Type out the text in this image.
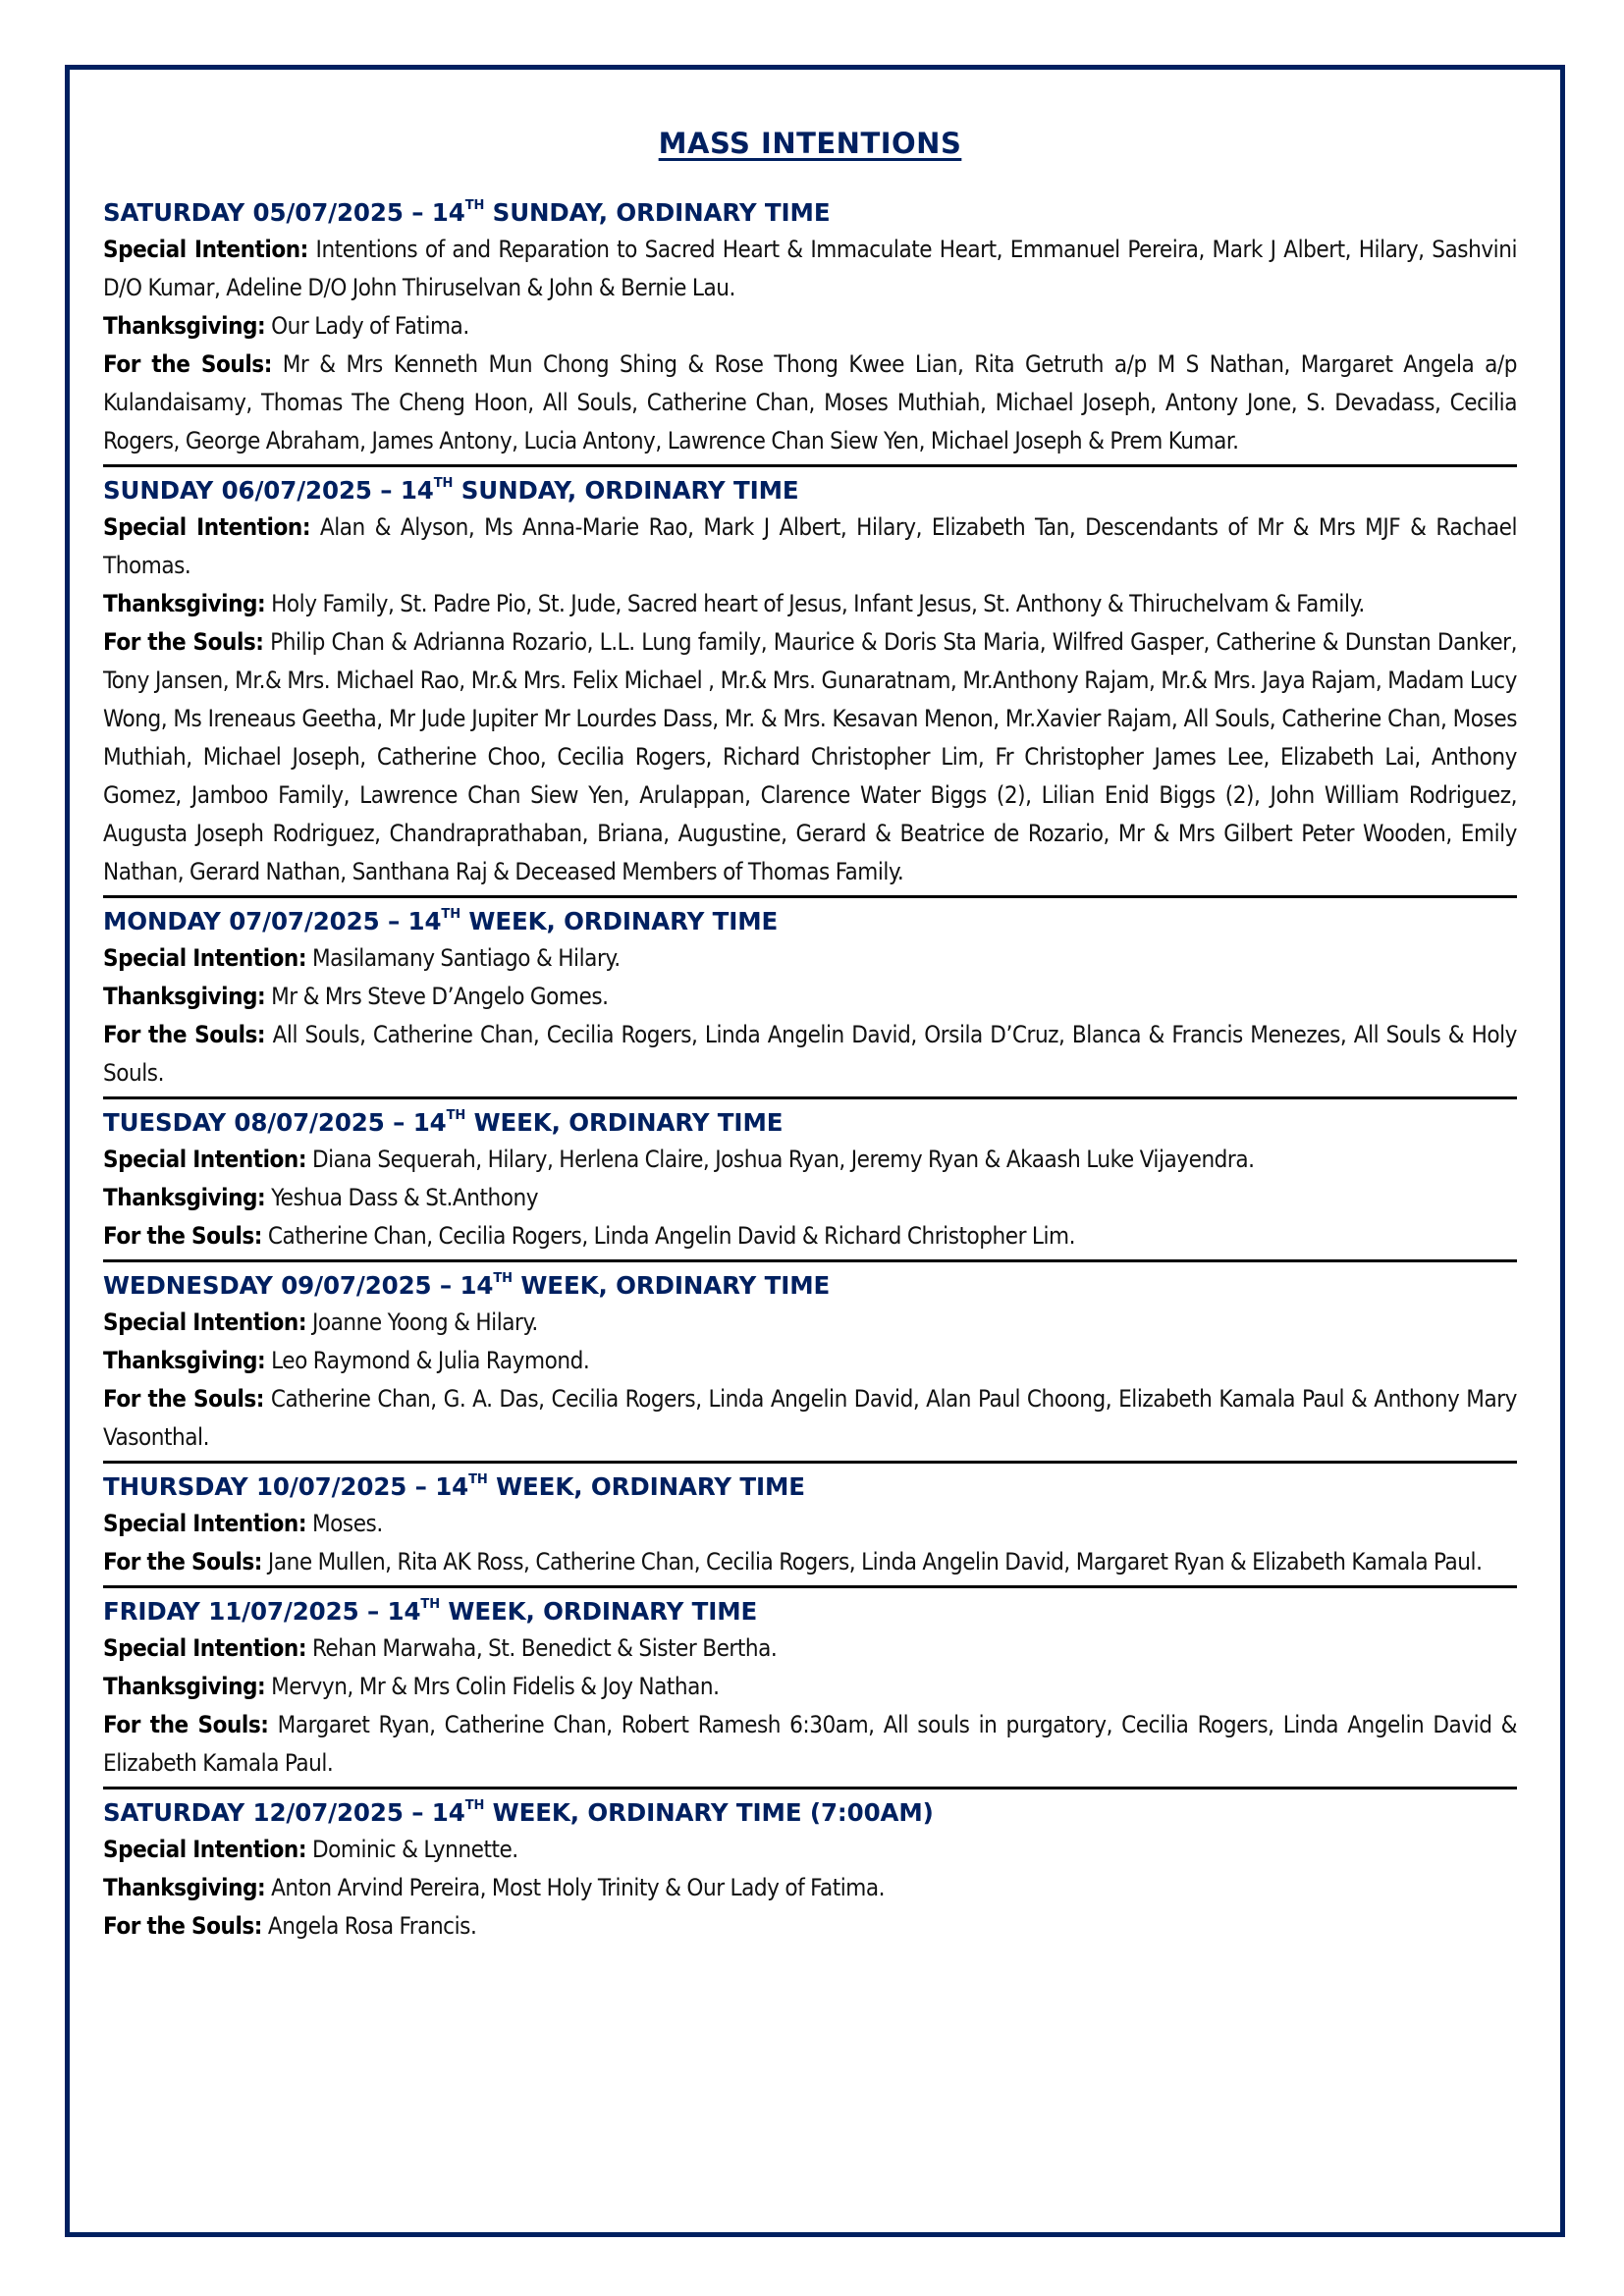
MASS INTENTIONS

SATURDAY 05/07/2025 – 14TH SUNDAY, ORDINARY TIME

Special Intention: Intentions of and Reparation to Sacred Heart & Immaculate Heart, Emmanuel Pereira, Mark J Albert, Hilary, Sashvini D/O Kumar, Adeline D/O John Thiruselvan & John & Bernie Lau.

Thanksgiving: Our Lady of Fatima.

For the Souls: Mr & Mrs Kenneth Mun Chong Shing & Rose Thong Kwee Lian, Rita Getruth a/p M S Nathan, Margaret Angela a/p Kulandaisamy, Thomas The Cheng Hoon, All Souls, Catherine Chan, Moses Muthiah, Michael Joseph, Antony Jone, S. Devadass, Cecilia Rogers, George Abraham, James Antony, Lucia Antony, Lawrence Chan Siew Yen, Michael Joseph & Prem Kumar.

SUNDAY 06/07/2025 – 14TH SUNDAY, ORDINARY TIME

Special Intention: Alan & Alyson, Ms Anna-Marie Rao, Mark J Albert, Hilary, Elizabeth Tan, Descendants of Mr & Mrs MJF & Rachael Thomas.

Thanksgiving: Holy Family, St. Padre Pio, St. Jude, Sacred heart of Jesus, Infant Jesus, St. Anthony & Thiruchelvam & Family.

For the Souls: Philip Chan & Adrianna Rozario, L.L. Lung family, Maurice & Doris Sta Maria, Wilfred Gasper, Catherine & Dunstan Danker, Tony Jansen, Mr.& Mrs. Michael Rao, Mr.& Mrs. Felix Michael , Mr.& Mrs. Gunaratnam, Mr.Anthony Rajam, Mr.& Mrs. Jaya Rajam, Madam Lucy Wong, Ms Ireneaus Geetha, Mr Jude Jupiter Mr Lourdes Dass, Mr. & Mrs. Kesavan Menon, Mr.Xavier Rajam, All Souls, Catherine Chan, Moses Muthiah, Michael Joseph, Catherine Choo, Cecilia Rogers, Richard Christopher Lim, Fr Christopher James Lee, Elizabeth Lai, Anthony Gomez, Jamboo Family, Lawrence Chan Siew Yen, Arulappan, Clarence Water Biggs (2), Lilian Enid Biggs (2), John William Rodriguez, Augusta Joseph Rodriguez, Chandraprathaban, Briana, Augustine, Gerard & Beatrice de Rozario, Mr & Mrs Gilbert Peter Wooden, Emily Nathan, Gerard Nathan, Santhana Raj & Deceased Members of Thomas Family.

MONDAY 07/07/2025 – 14TH WEEK, ORDINARY TIME

Special Intention: Masilamany Santiago & Hilary.

Thanksgiving: Mr & Mrs Steve D’Angelo Gomes.

For the Souls: All Souls, Catherine Chan, Cecilia Rogers, Linda Angelin David, Orsila D’Cruz, Blanca & Francis Menezes, All Souls & Holy Souls.

TUESDAY 08/07/2025 – 14TH WEEK, ORDINARY TIME

Special Intention: Diana Sequerah, Hilary, Herlena Claire, Joshua Ryan, Jeremy Ryan & Akaash Luke Vijayendra.

Thanksgiving: Yeshua Dass & St.Anthony

For the Souls: Catherine Chan, Cecilia Rogers, Linda Angelin David & Richard Christopher Lim.

WEDNESDAY 09/07/2025 – 14TH WEEK, ORDINARY TIME

Special Intention: Joanne Yoong & Hilary.

Thanksgiving: Leo Raymond & Julia Raymond.

For the Souls: Catherine Chan, G. A. Das, Cecilia Rogers, Linda Angelin David, Alan Paul Choong, Elizabeth Kamala Paul & Anthony Mary Vasonthal.

THURSDAY 10/07/2025 – 14TH WEEK, ORDINARY TIME

Special Intention: Moses.

For the Souls: Jane Mullen, Rita AK Ross, Catherine Chan, Cecilia Rogers, Linda Angelin David, Margaret Ryan & Elizabeth Kamala Paul.

FRIDAY 11/07/2025 – 14TH WEEK, ORDINARY TIME

Special Intention: Rehan Marwaha, St. Benedict & Sister Bertha.

Thanksgiving: Mervyn, Mr & Mrs Colin Fidelis & Joy Nathan.

For the Souls: Margaret Ryan, Catherine Chan, Robert Ramesh 6:30am, All souls in purgatory, Cecilia Rogers, Linda Angelin David & Elizabeth Kamala Paul.

SATURDAY 12/07/2025 – 14TH WEEK, ORDINARY TIME (7:00AM)

Special Intention: Dominic & Lynnette.

Thanksgiving: Anton Arvind Pereira, Most Holy Trinity & Our Lady of Fatima.

For the Souls: Angela Rosa Francis.
